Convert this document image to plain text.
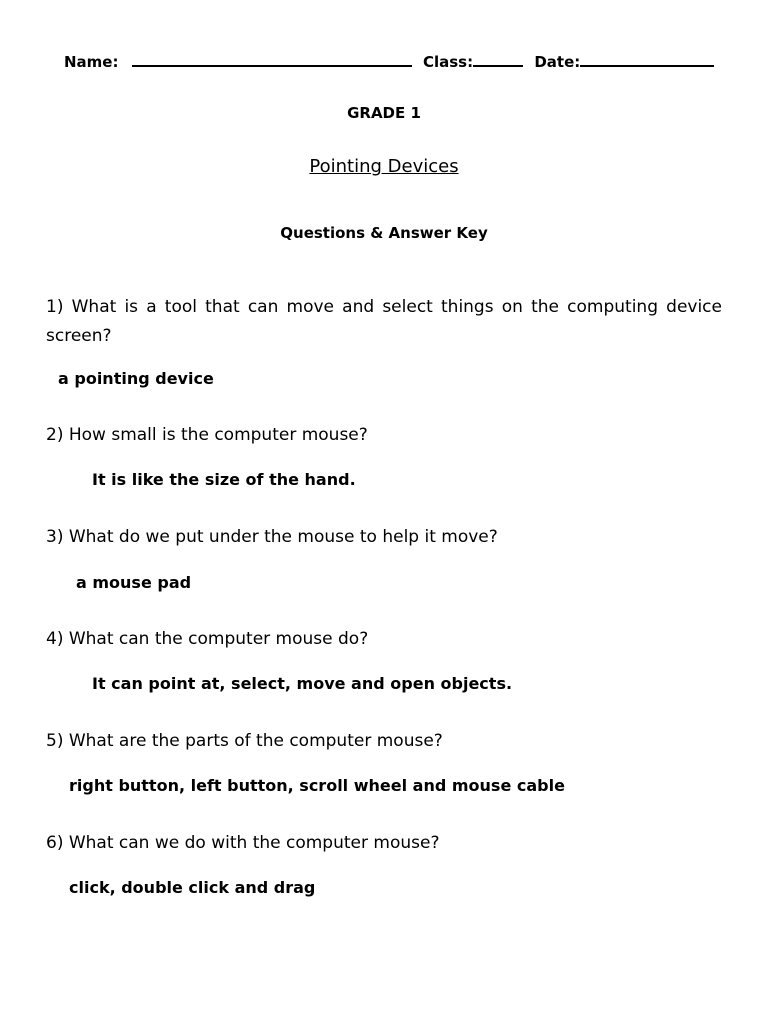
Name:	Class:	Date:
GRADE 1
Pointing Devices
Questions & Answer Key
1) What is a tool that can move and select things on the computing device screen?
a pointing device
2) How small is the computer mouse?
It is like the size of the hand.
3) What do we put under the mouse to help it move?
a mouse pad
4) What can the computer mouse do?
It can point at, select, move and open objects.
5) What are the parts of the computer mouse?
right button, left button, scroll wheel and mouse cable
6) What can we do with the computer mouse?
click, double click and drag
